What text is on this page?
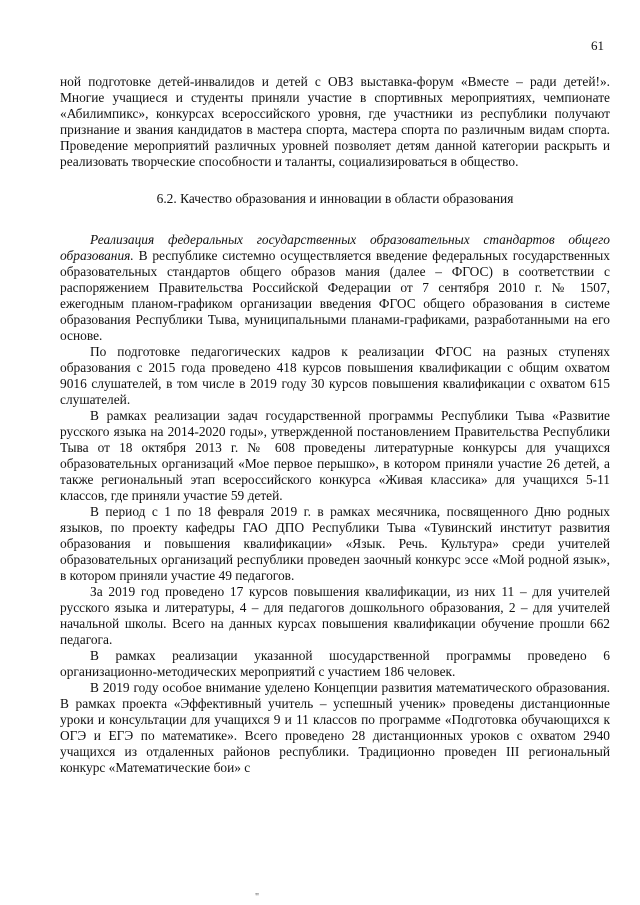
61

ной подготовке детей-инвалидов и детей с ОВЗ выставка-форум «Вместе – ради детей!». Многие учащиеся и студенты приняли участие в спортивных мероприятиях, чемпионате «Абилимпикс», конкурсах всероссийского уровня, где участники из республики получают признание и звания кандидатов в мастера спорта, мастера спорта по различным видам спорта. Проведение мероприятий различных уровней позволяет детям данной категории раскрыть и реализовать творческие способности и таланты, социализироваться в общество.

6.2. Качество образования и инновации в области образования

Реализация федеральных государственных образовательных стандартов общего образования. В республике системно осуществляется введение федеральных государственных образовательных стандартов общего образов мания (далее – ФГОС) в соответствии с распоряжением Правительства Российской Федерации от 7 сентября 2010 г. № 1507, ежегодным планом-графиком организации введения ФГОС общего образования в системе образования Республики Тыва, муниципальными планами-графиками, разработанными на его основе.

По подготовке педагогических кадров к реализации ФГОС на разных ступенях образования с 2015 года проведено 418 курсов повышения квалификации с общим охватом 9016 слушателей, в том числе в 2019 году 30 курсов повышения квалификации с охватом 615 слушателей.

В рамках реализации задач государственной программы Республики Тыва «Развитие русского языка на 2014-2020 годы», утвержденной постановлением Правительства Республики Тыва от 18 октября 2013 г. № 608 проведены литературные конкурсы для учащихся образовательных организаций «Мое первое перышко», в котором приняли участие 26 детей, а также региональный этап всероссийского конкурса «Живая классика» для учащихся 5-11 классов, где приняли участие 59 детей.

В период с 1 по 18 февраля 2019 г. в рамках месячника, посвященного Дню родных языков, по проекту кафедры ГАО ДПО Республики Тыва «Тувинский институт развития образования и повышения квалификации» «Язык. Речь. Культура» среди учителей образовательных организаций республики проведен заочный конкурс эссе «Мой родной язык», в котором приняли участие 49 педагогов.

За 2019 год проведено 17 курсов повышения квалификации, из них 11 – для учителей русского языка и литературы, 4 – для педагогов дошкольного образования, 2 – для учителей начальной школы. Всего на данных курсах повышения квалификации обучение прошли 662 педагога.

В рамках реализации указанной шосударственной программы проведено 6 организационно-методических мероприятий с участием 186 человек.

В 2019 году особое внимание уделено Концепции развития математического образования. В рамках проекта «Эффективный учитель – успешный ученик» проведены дистанционные уроки и консультации для учащихся 9 и 11 классов по программе «Подготовка обучающихся к ОГЭ и ЕГЭ по математике». Всего проведено 28 дистанционных уроков с охватом 2940 учащихся из отдаленных районов республики. Традиционно проведен III региональный конкурс «Математические бои» с

"
